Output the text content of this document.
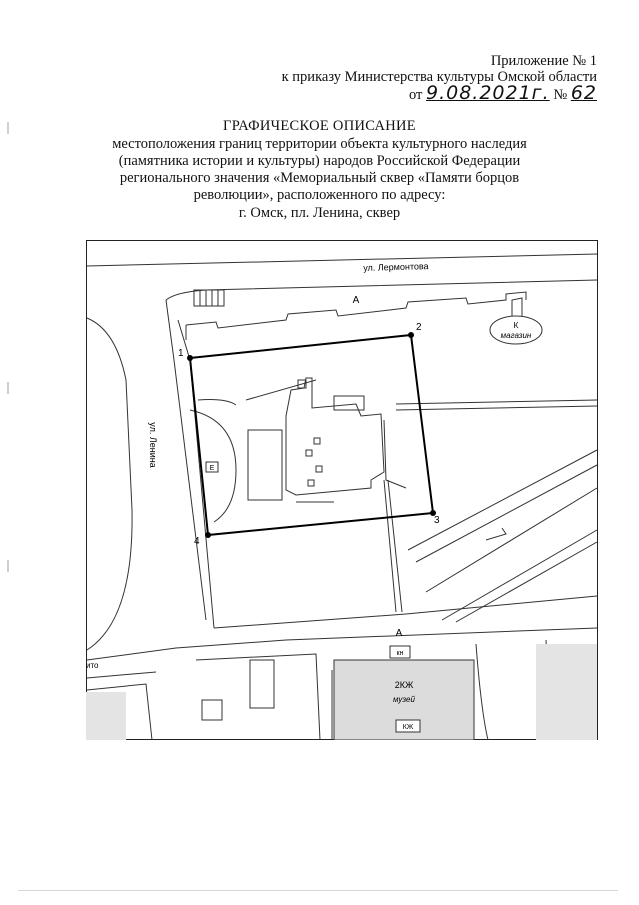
Приложение № 1
к приказу Министерства культуры Омской области
от 9.08.2021г. № 62
ГРАФИЧЕСКОЕ ОПИСАНИЕ
местоположения границ территории объекта культурного наследия
(памятника истории и культуры) народов Российской Федерации
регионального значения «Мемориальный сквер «Памяти борцов
революции», расположенного по адресу:
г. Омск, пл. Ленина, сквер
К
магазин
Ε
кн
2КЖ
музей
КЖ
ул. Лермонтова
ул. Ленина
А
А
ито
1
2
3
4
